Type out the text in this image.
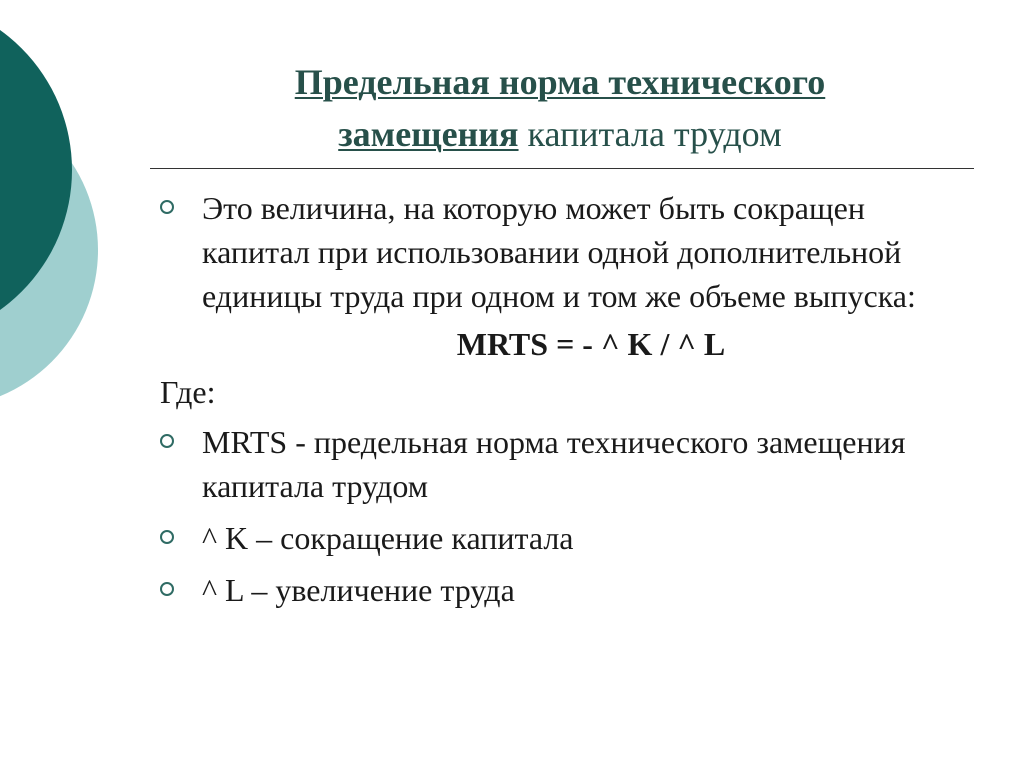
Предельная норма технического
замещения капитала трудом
Это величина, на которую может быть сокращен капитал при использовании одной дополнительной единицы труда при одном и том же объеме выпуска:
MRTS = - ^ K / ^ L
Где:
MRTS - предельная норма технического замещения капитала трудом
^ K – сокращение капитала
^ L – увеличение труда
